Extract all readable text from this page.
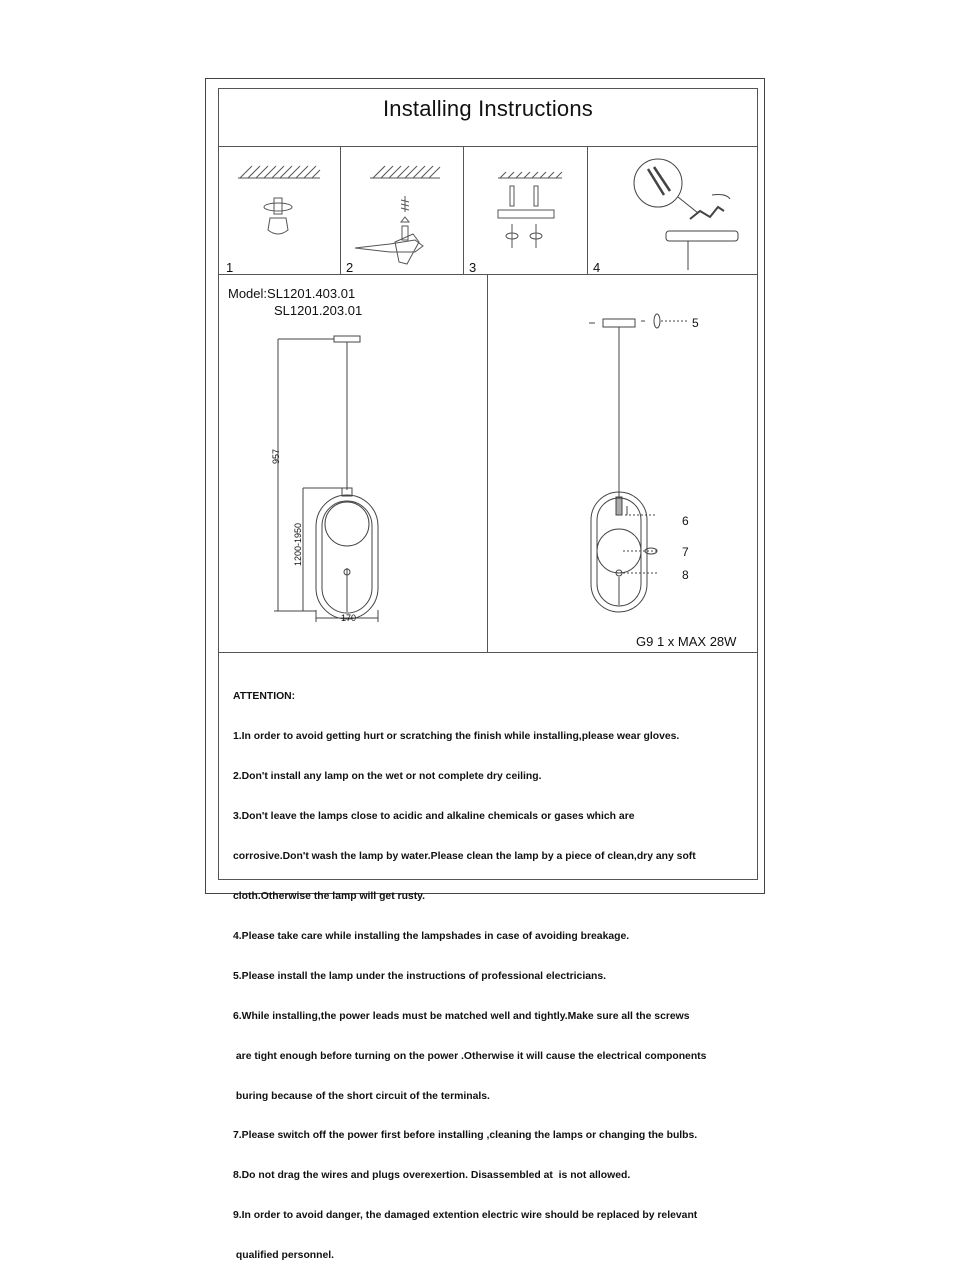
Installing Instructions
1	2	3	4
Model:SL1201.403.01
SL1201.203.01
957
1200-1950
170
5
6
7
8
G9 1 x MAX 28W

ATTENTION:

1.In order to avoid getting hurt or scratching the finish while installing,please wear gloves.

2.Don't install any lamp on the wet or not complete dry ceiling.

3.Don't leave the lamps close to acidic and alkaline chemicals or gases which are

corrosive.Don't wash the lamp by water.Please clean the lamp by a piece of clean,dry any soft

cloth.Otherwise the lamp will get rusty.

4.Please take care while installing the lampshades in case of avoiding breakage.

5.Please install the lamp under the instructions of professional electricians.

6.While installing,the power leads must be matched well and tightly.Make sure all the screws

are tight enough before turning on the power .Otherwise it will cause the electrical components

buring because of the short circuit of the terminals.

7.Please switch off the power first before installing ,cleaning the lamps or changing the bulbs.

8.Do not drag the wires and plugs overexertion. Disassembled at  is not allowed.

9.In order to avoid danger, the damaged extention electric wire should be replaced by relevant

qualified personnel.
